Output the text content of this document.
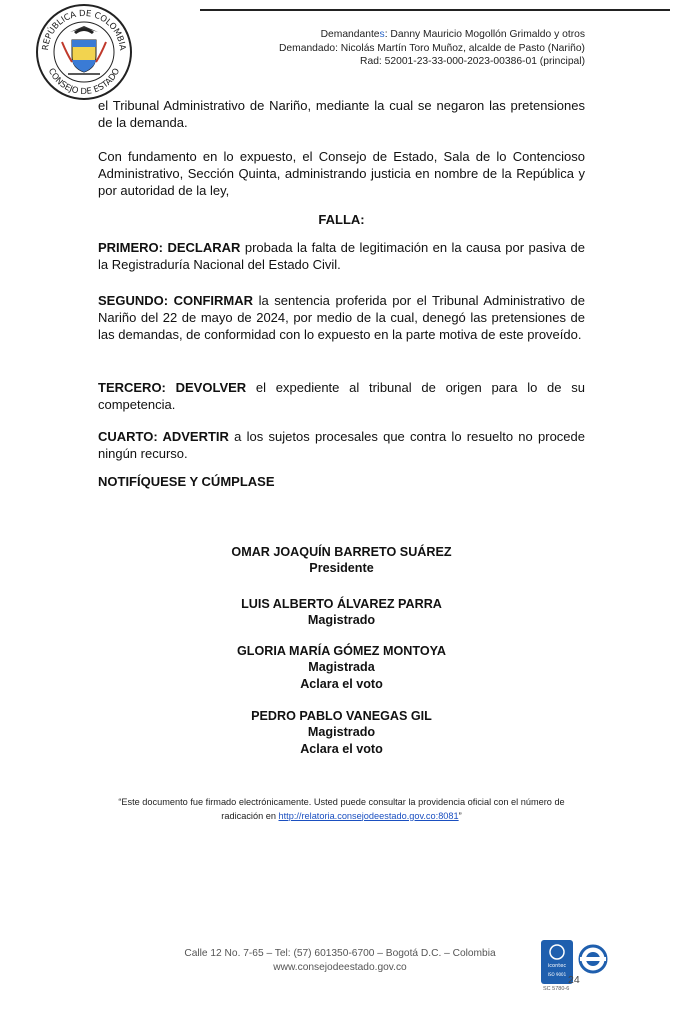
REPÚBLICA DE COLOMBIA
CONSEJO DE ESTADO
Demandantes: Danny Mauricio Mogollón Grimaldo y otros
Demandado: Nicolás Martín Toro Muñoz, alcalde de Pasto (Nariño)
Rad: 52001-23-33-000-2023-00386-01 (principal)

el Tribunal Administrativo de Nariño, mediante la cual se negaron las pretensiones de la demanda.

Con fundamento en lo expuesto, el Consejo de Estado, Sala de lo Contencioso Administrativo, Sección Quinta, administrando justicia en nombre de la República y por autoridad de la ley,

FALLA:

PRIMERO: DECLARAR probada la falta de legitimación en la causa por pasiva de la Registraduría Nacional del Estado Civil.

SEGUNDO: CONFIRMAR la sentencia proferida por el Tribunal Administrativo de Nariño del 22 de mayo de 2024, por medio de la cual, denegó las pretensiones de las demandas, de conformidad con lo expuesto en la parte motiva de este proveído.

TERCERO: DEVOLVER el expediente al tribunal de origen para lo de su competencia.

CUARTO: ADVERTIR a los sujetos procesales que contra lo resuelto no procede ningún recurso.

NOTIFÍQUESE Y CÚMPLASE

OMAR JOAQUÍN BARRETO SUÁREZ
Presidente
LUIS ALBERTO ÁLVAREZ PARRA
Magistrado
GLORIA MARÍA GÓMEZ MONTOYA
Magistrada
Aclara el voto
PEDRO PABLO VANEGAS GIL
Magistrado
Aclara el voto

“Este documento fue firmado electrónicamente. Usted puede consultar la providencia oficial con el número de radicación en http://relatoria.consejodeestado.gov.co:8081”

Calle 12 No. 7-65 – Tel: (57) 601350-6700 – Bogotá D.C. – Colombia
www.consejodeestado.gov.co	icontec
ISO 9001 24
SC 5780-6
